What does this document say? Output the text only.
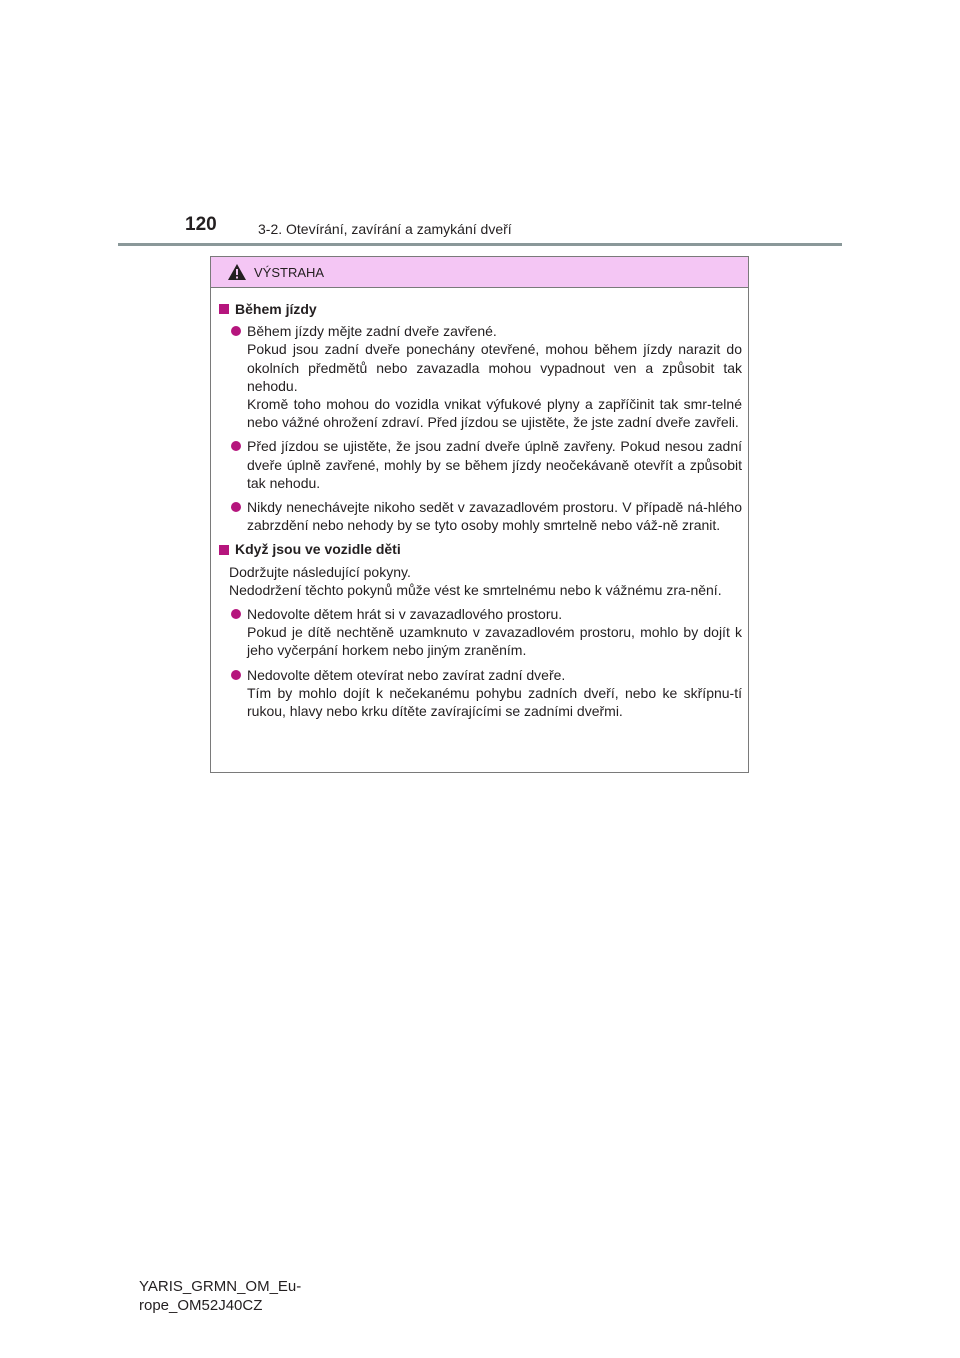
120	3-2. Otevírání, zavírání a zamykání dveří
VÝSTRAHA
Během jízdy
Během jízdy mějte zadní dveře zavřené.
Pokud jsou zadní dveře ponechány otevřené, mohou během jízdy narazit do okolních předmětů nebo zavazadla mohou vypadnout ven a způsobit tak nehodu.
Kromě toho mohou do vozidla vnikat výfukové plyny a zapříčinit tak smr-telné nebo vážné ohrožení zdraví. Před jízdou se ujistěte, že jste zadní dveře zavřeli.
Před jízdou se ujistěte, že jsou zadní dveře úplně zavřeny. Pokud nesou zadní dveře úplně zavřené, mohly by se během jízdy neočekávaně otevřít a způsobit tak nehodu.
Nikdy nenechávejte nikoho sedět v zavazadlovém prostoru. V případě ná-hlého zabrzdění nebo nehody by se tyto osoby mohly smrtelně nebo váž-ně zranit.
Když jsou ve vozidle děti
Dodržujte následující pokyny.
Nedodržení těchto pokynů může vést ke smrtelnému nebo k vážnému zra-nění.
Nedovolte dětem hrát si v zavazadlového prostoru.
Pokud je dítě nechtěně uzamknuto v zavazadlovém prostoru, mohlo by dojít k jeho vyčerpání horkem nebo jiným zraněním.
Nedovolte dětem otevírat nebo zavírat zadní dveře.
Tím by mohlo dojít k nečekanému pohybu zadních dveří, nebo ke skřípnu-tí rukou, hlavy nebo krku dítěte zavírajícími se zadními dveřmi.
YARIS_GRMN_OM_Eu-
rope_OM52J40CZ
